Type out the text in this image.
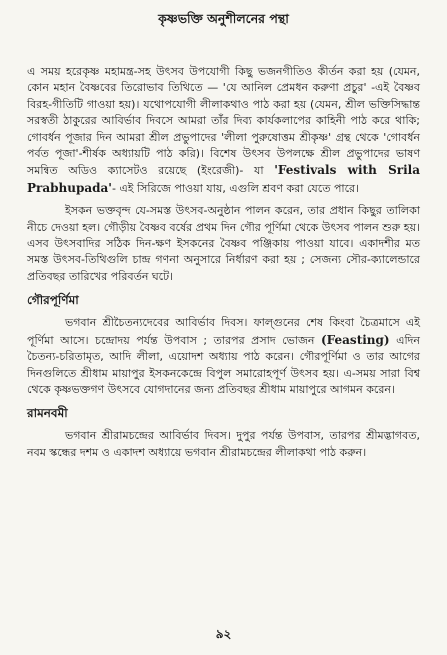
কৃষ্ণভক্তি অনুশীলনের পন্থা

এ সময় হরেকৃষ্ণ মহামন্ত্র-সহ উৎসব উপযোগী কিছু ভজনগীতিও কীর্তন করা হয় (যেমন, কোন মহান বৈষ্ণবের তিরোভাব তিথিতে — 'যে আনিল প্রেমধন করুণা প্রচুর' -এই বৈষ্ণব বিরহ-গীতিটি গাওয়া হয়)। যথোপযোগী লীলাকথাও পাঠ করা হয় (যেমন, শ্রীল ভক্তিসিদ্ধান্ত সরস্বতী ঠাকুরের আবির্ভাব দিবসে আমরা তাঁর দিব্য কার্যকলাপের কাহিনী পাঠ করে থাকি; গোবর্ধন পূজার দিন আমরা শ্রীল প্রভুপাদের 'লীলা পুরুষোত্তম শ্রীকৃষ্ণ' গ্রন্থ থেকে 'গোবর্ধন পর্বত পূজা'-শীর্ষক অধ্যায়টি পাঠ করি)। বিশেষ উৎসব উপলক্ষে শ্রীল প্রভুপাদের ভাষণ সমন্বিত অডিও ক্যাসেটও রয়েছে (ইংরেজী)- যা 'Festivals with Srila Prabhupada'- এই সিরিজে পাওয়া যায়, এগুলি শ্রবণ করা যেতে পারে।

ইসকন ভক্তবৃন্দ যে-সমস্ত উৎসব-অনুষ্ঠান পালন করেন, তার প্রধান কিছুর তালিকা নীচে দেওয়া হল। গৌড়ীয় বৈষ্ণব বর্ষের প্রথম দিন গৌর পূর্ণিমা থেকে উৎসব পালন শুরু হয়। এসব উৎসবাদির সঠিক দিন-ক্ষণ ইসকনের বৈষ্ণব পঞ্জিকায় পাওয়া যাবে। একাদশীর মত সমস্ত উৎসব-তিথিগুলি চান্দ্র গণনা অনুসারে নির্ধারণ করা হয় ; সেজন্য সৌর-ক্যালেন্ডারে প্রতিবছর তারিখের পরিবর্তন ঘটে।

গৌরপূর্ণিমা

ভগবান শ্রীচৈতন্যদেবের আবির্ভাব দিবস। ফাল্গুনের শেষ কিংবা চৈত্রমাসে এই পূর্ণিমা আসে। চন্দ্রোদয় পর্যন্ত উপবাস ; তারপর প্রসাদ ভোজন (Feasting) এদিন চৈতন্য-চরিতামৃত, আদি লীলা, এয়োদশ অধ্যায় পাঠ করেন। গৌরপূর্ণিমা ও তার আগের দিনগুলিতে শ্রীধাম মায়াপুর ইসকনকেন্দ্রে বিপুল সমারোহপূর্ণ উৎসব হয়। এ-সময় সারা বিশ্ব থেকে কৃষ্ণভক্তগণ উৎসবে যোগদানের জন্য প্রতিবছর শ্রীধাম মায়াপুরে আগমন করেন।

রামনবমী

ভগবান শ্রীরামচন্দ্রের আবির্ভাব দিবস। দুপুর পর্যন্ত উপবাস, তারপর শ্রীমদ্ভাগবত, নবম স্কন্ধের দশম ও একাদশ অধ্যায়ে ভগবান শ্রীরামচন্দ্রের লীলাকথা পাঠ করুন।

৯২
